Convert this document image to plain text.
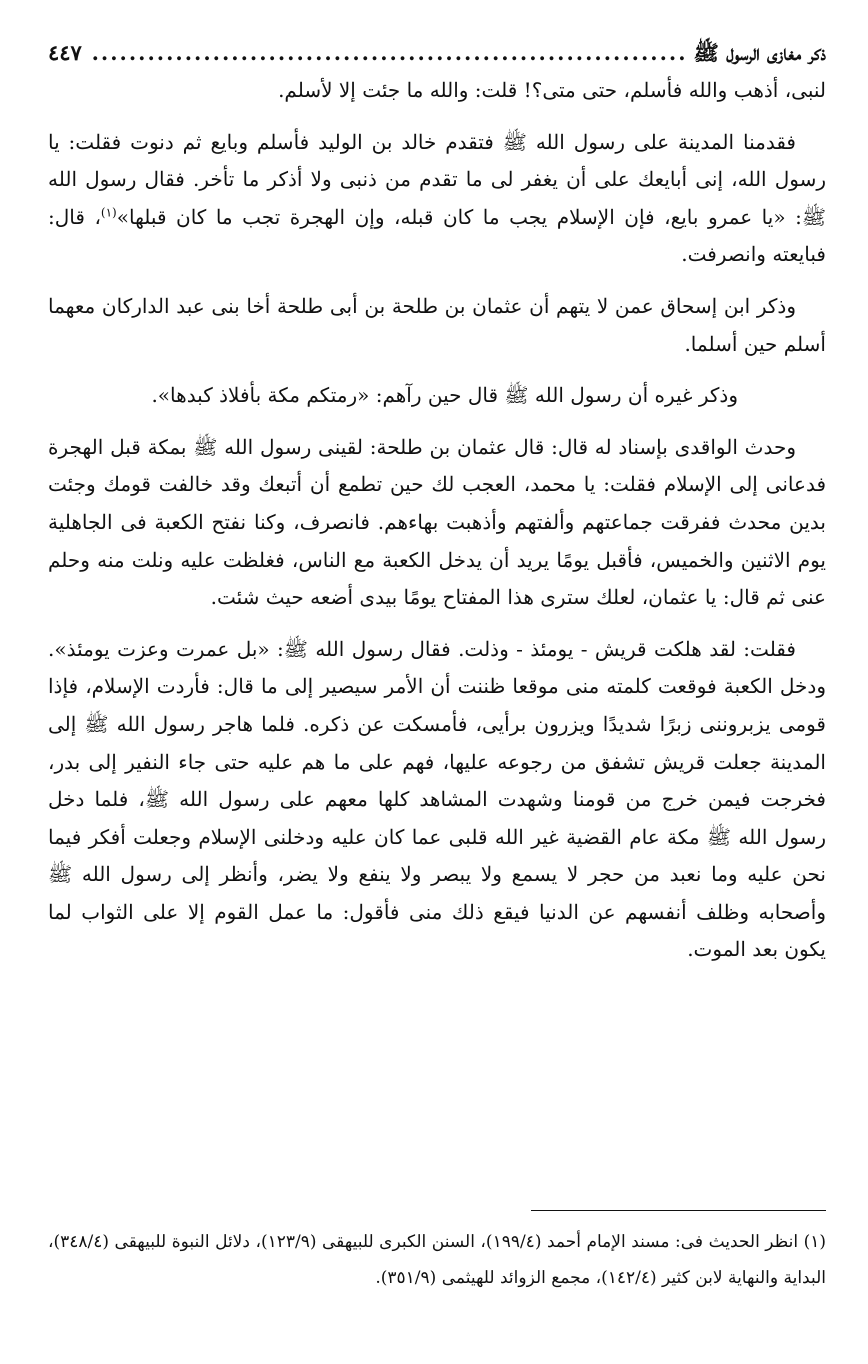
ذكر مغازى الرسول ﷺ
.....
٤٤٧

لنبى، أذهب والله فأسلم، حتى متى؟! قلت: والله ما جئت إلا لأسلم.

فقدمنا المدينة على رسول الله ﷺ فتقدم خالد بن الوليد فأسلم وبايع ثم دنوت فقلت: يا رسول الله، إنى أبايعك على أن يغفر لى ما تقدم من ذنبى ولا أذكر ما تأخر. فقال رسول الله ﷺ: «يا عمرو بايع، فإن الإسلام يجب ما كان قبله، وإن الهجرة تجب ما كان قبلها»$^{(١)}$، قال: فبايعته وانصرفت.

وذكر ابن إسحاق عمن لا يتهم أن عثمان بن طلحة بن أبى طلحة أخا بنى عبد الداركان معهما أسلم حين أسلما.

وذكر غيره أن رسول الله ﷺ قال حين رآهم: «رمتكم مكة بأفلاذ كبدها».

وحدث الواقدى بإسناد له قال: قال عثمان بن طلحة: لقينى رسول الله ﷺ بمكة قبل الهجرة فدعانى إلى الإسلام فقلت: يا محمد، العجب لك حين تطمع أن أتبعك وقد خالفت قومك وجئت بدين محدث ففرقت جماعتهم وألفتهم وأذهبت بهاءهم. فانصرف، وكنا نفتح الكعبة فى الجاهلية يوم الاثنين والخميس، فأقبل يومًا يريد أن يدخل الكعبة مع الناس، فغلظت عليه ونلت منه وحلم عنى ثم قال: يا عثمان، لعلك سترى هذا المفتاح يومًا بيدى أضعه حيث شئت.

فقلت: لقد هلكت قريش - يومئذ - وذلت. فقال رسول الله ﷺ: «بل عمرت وعزت يومئذ». ودخل الكعبة فوقعت كلمته منى موقعا ظننت أن الأمر سيصير إلى ما قال: فأردت الإسلام، فإذا قومى يزبروننى زبرًا شديدًا ويزرون برأيى، فأمسكت عن ذكره. فلما هاجر رسول الله ﷺ إلى المدينة جعلت قريش تشفق من رجوعه عليها، فهم على ما هم عليه حتى جاء النفير إلى بدر، فخرجت فيمن خرج من قومنا وشهدت المشاهد كلها معهم على رسول الله ﷺ، فلما دخل رسول الله ﷺ مكة عام القضية غير الله قلبى عما كان عليه ودخلنى الإسلام وجعلت أفكر فيما نحن عليه وما نعبد من حجر لا يسمع ولا يبصر ولا ينفع ولا يضر، وأنظر إلى رسول الله ﷺ وأصحابه وظلف أنفسهم عن الدنيا فيقع ذلك منى فأقول: ما عمل القوم إلا على الثواب لما يكون بعد الموت.

(١) انظر الحديث فى: مسند الإمام أحمد (١٩٩/٤)، السنن الكبرى للبيهقى (١٢٣/٩)، دلائل النبوة للبيهقى (٣٤٨/٤)، البداية والنهاية لابن كثير (١٤٢/٤)، مجمع الزوائد للهيثمى (٣٥١/٩).
